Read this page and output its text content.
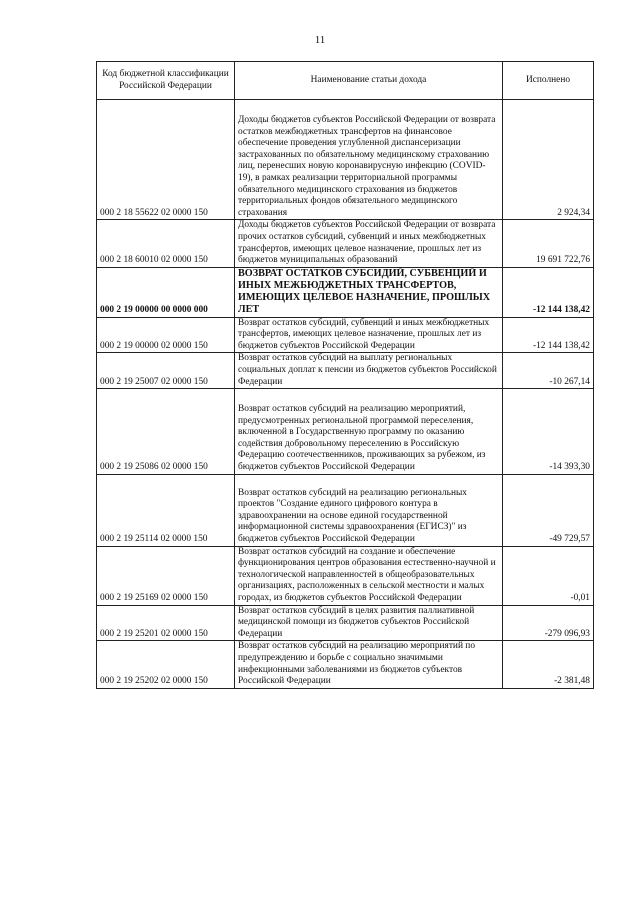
11
Код бюджетной классификации Российской Федерации	Наименование статьи дохода	Исполнено
000 2 18 55622 02 0000 150	Доходы бюджетов субъектов Российской Федерации от возврата остатков межбюджетных трансфертов на финансовое обеспечение проведения углубленной диспансеризации застрахованных по обязательному медицинскому страхованию лиц, перенесших новую коронавирусную инфекцию (COVID-19), в рамках реализации территориальной программы обязательного медицинского страхования из бюджетов территориальных фондов обязательного медицинского страхования	2 924,34
000 2 18 60010 02 0000 150	Доходы бюджетов субъектов Российской Федерации от возврата прочих остатков субсидий, субвенций и иных межбюджетных трансфертов, имеющих целевое назначение, прошлых лет из бюджетов муниципальных образований	19 691 722,76
000 2 19 00000 00 0000 000	ВОЗВРАТ ОСТАТКОВ СУБСИДИЙ, СУБВЕНЦИЙ И ИНЫХ МЕЖБЮДЖЕТНЫХ ТРАНСФЕРТОВ, ИМЕЮЩИХ ЦЕЛЕВОЕ НАЗНАЧЕНИЕ, ПРОШЛЫХ ЛЕТ	-12 144 138,42
000 2 19 00000 02 0000 150	Возврат остатков субсидий, субвенций и иных межбюджетных трансфертов, имеющих целевое назначение, прошлых лет из бюджетов субъектов Российской Федерации	-12 144 138,42
000 2 19 25007 02 0000 150	Возврат остатков субсидий на выплату региональных социальных доплат к пенсии из бюджетов субъектов Российской Федерации	-10 267,14
000 2 19 25086 02 0000 150	Возврат остатков субсидий на реализацию мероприятий, предусмотренных региональной программой переселения, включенной в Государственную программу по оказанию содействия добровольному переселению в Российскую Федерацию соотечественников, проживающих за рубежом, из бюджетов субъектов Российской Федерации	-14 393,30
000 2 19 25114 02 0000 150	Возврат остатков субсидий на реализацию региональных проектов "Создание единого цифрового контура в здравоохранении на основе единой государственной информационной системы здравоохранения (ЕГИСЗ)" из бюджетов субъектов Российской Федерации	-49 729,57
000 2 19 25169 02 0000 150	Возврат остатков субсидий на создание и обеспечение функционирования центров образования естественно-научной и технологической направленностей в общеобразовательных организациях, расположенных в сельской местности и малых городах, из бюджетов субъектов Российской Федерации	-0,01
000 2 19 25201 02 0000 150	Возврат остатков субсидий в целях развития паллиативной медицинской помощи из бюджетов субъектов Российской Федерации	-279 096,93
000 2 19 25202 02 0000 150	Возврат остатков субсидий на реализацию мероприятий по предупреждению и борьбе с социально значимыми инфекционными заболеваниями из бюджетов субъектов Российской Федерации	-2 381,48
